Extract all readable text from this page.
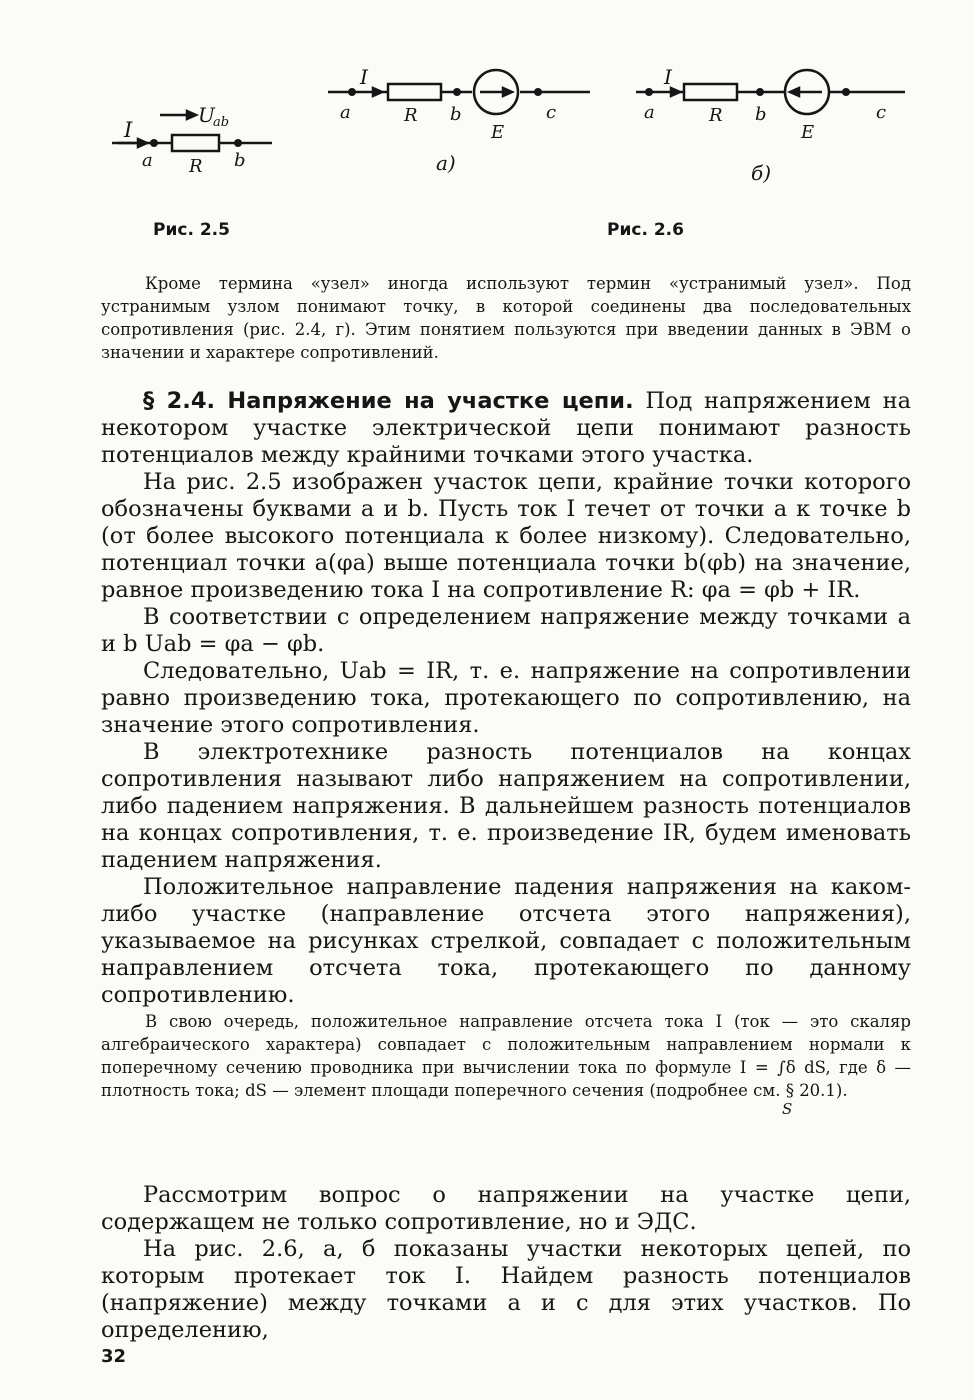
I
U
ab
a R b
I
a	R b
E
c
а)
I
a	R b
E
c
б)
Рис. 2.5	Рис. 2.6

Кроме термина «узел» иногда используют термин «устранимый узел». Под устранимым узлом понимают точку, в которой соединены два последовательных сопротивления (рис. 2.4, г). Этим понятием пользуются при введении данных в ЭВМ о значении и характере сопротивлений.

§ 2.4. Напряжение на участке цепи. Под напряжением на некотором участке электрической цепи понимают разность потенциалов между крайними точками этого участка.

На рис. 2.5 изображен участок цепи, крайние точки которого обозначены буквами a и b. Пусть ток I течет от точки a к точке b (от более высокого потенциала к более низкому). Следовательно, потенциал точки a(φa) выше потенциала точки b(φb) на значение, равное произведению тока I на сопротивление R: φa = φb + IR.

В соответствии с определением напряжение между точками a и b Uab = φa − φb.

Следовательно, Uab = IR, т. е. напряжение на сопротивлении равно произведению тока, протекающего по сопротивлению, на значение этого сопротивления.

В электротехнике разность потенциалов на концах сопротивления называют либо напряжением на сопротивлении, либо падением напряжения. В дальнейшем разность потенциалов на концах сопротивления, т. е. произведение IR, будем именовать падением напряжения.

Положительное направление падения напряжения на каком-либо участке (направление отсчета этого напряжения), указываемое на рисунках стрелкой, совпадает с положительным направлением отсчета тока, протекающего по данному сопротивлению.

В свою очередь, положительное направление отсчета тока I (ток — это скаляр алгебраического характера) совпадает с положительным направлением нормали к поперечному сечению проводника при вычислении тока по формуле I = ∫δ dS, где δ — плотность тока; dS — элемент площади поперечного сечения (подробнее см. § 20.1).

S

Рассмотрим вопрос о напряжении на участке цепи, содержащем не только сопротивление, но и ЭДС.

На рис. 2.6, a, б показаны участки некоторых цепей, по которым протекает ток I. Найдем разность потенциалов (напряжение) между точками a и c для этих участков. По определению,

32
